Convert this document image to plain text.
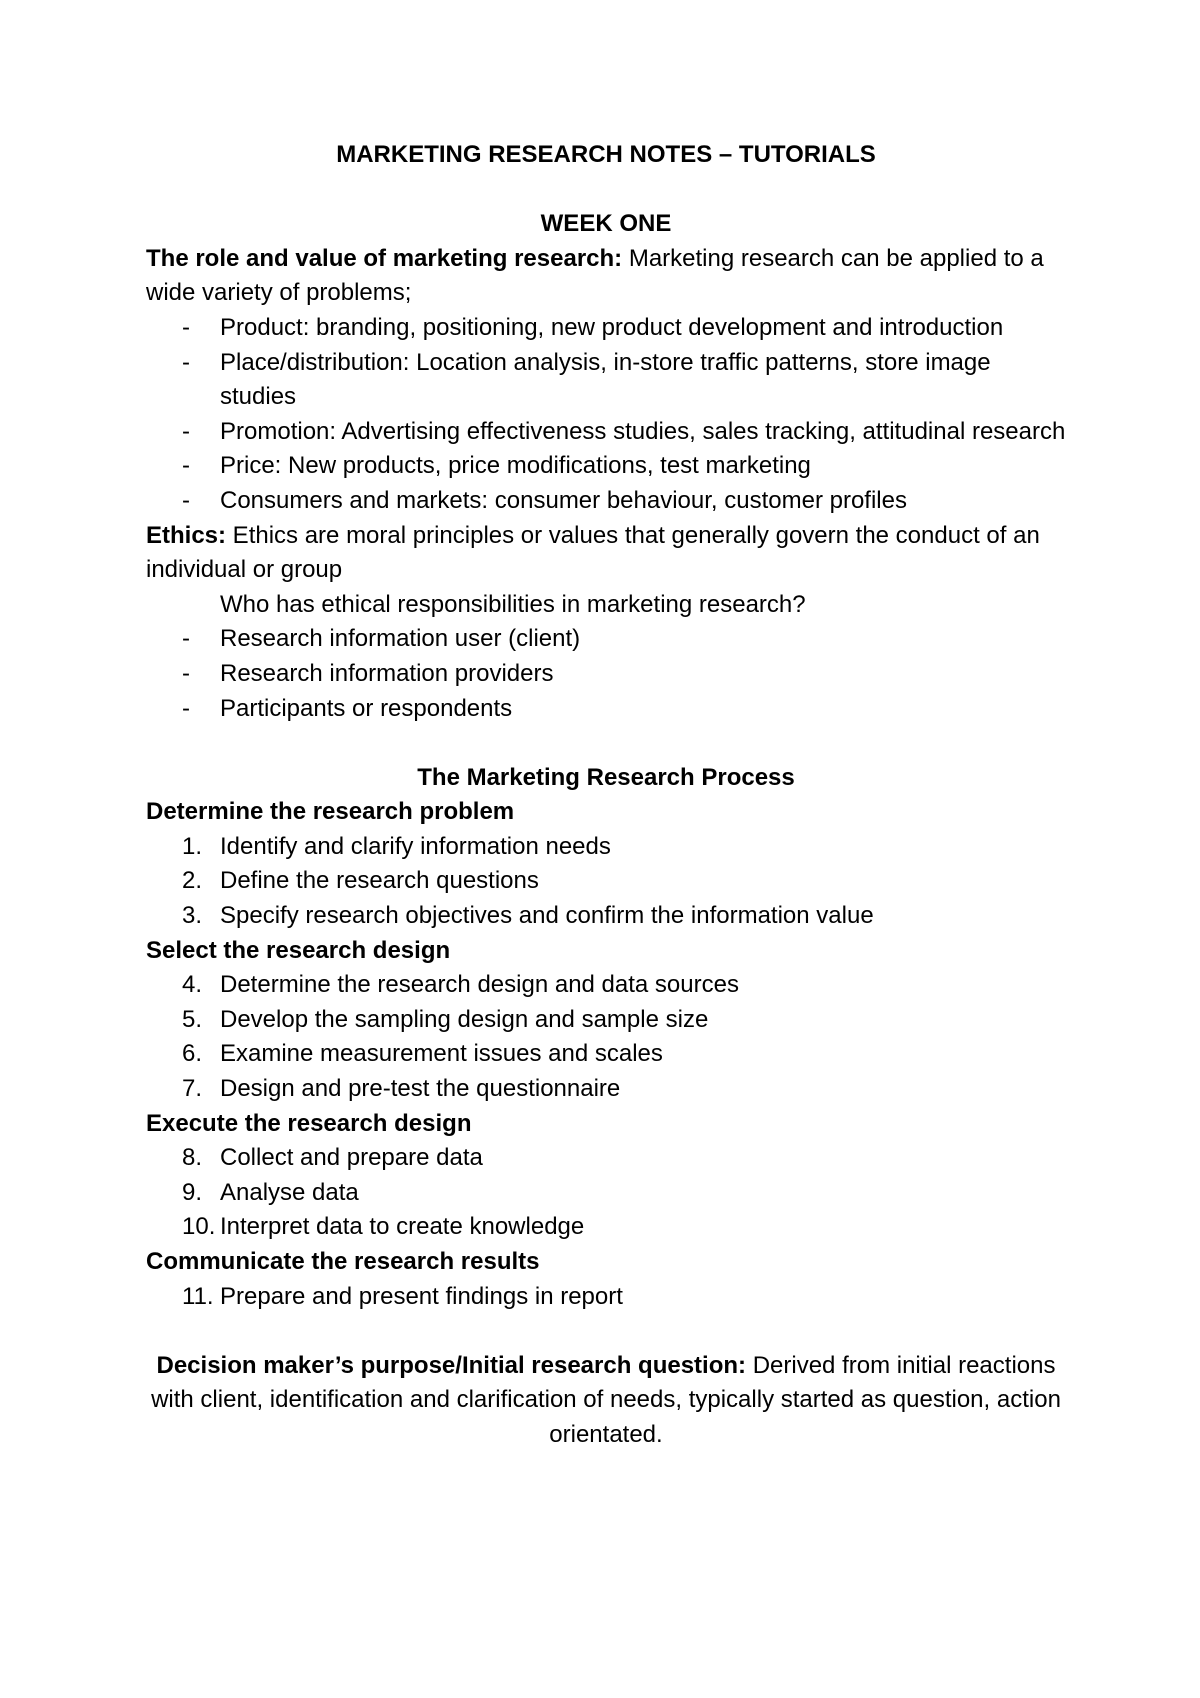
MARKETING RESEARCH NOTES – TUTORIALS
WEEK ONE
The role and value of marketing research: Marketing research can be applied to a wide variety of problems;
- Product: branding, positioning, new product development and introduction
- Place/distribution: Location analysis, in-store traffic patterns, store image studies
- Promotion: Advertising effectiveness studies, sales tracking, attitudinal research
- Price: New products, price modifications, test marketing
- Consumers and markets: consumer behaviour, customer profiles
Ethics: Ethics are moral principles or values that generally govern the conduct of an individual or group
Who has ethical responsibilities in marketing research?
- Research information user (client)
- Research information providers
- Participants or respondents
The Marketing Research Process
Determine the research problem
1. Identify and clarify information needs
2. Define the research questions
3. Specify research objectives and confirm the information value
Select the research design
4. Determine the research design and data sources
5. Develop the sampling design and sample size
6. Examine measurement issues and scales
7. Design and pre-test the questionnaire
Execute the research design
8. Collect and prepare data
9. Analyse data
10. Interpret data to create knowledge
Communicate the research results
11. Prepare and present findings in report
Decision maker’s purpose/Initial research question: Derived from initial reactions with client, identification and clarification of needs, typically started as question, action orientated.
